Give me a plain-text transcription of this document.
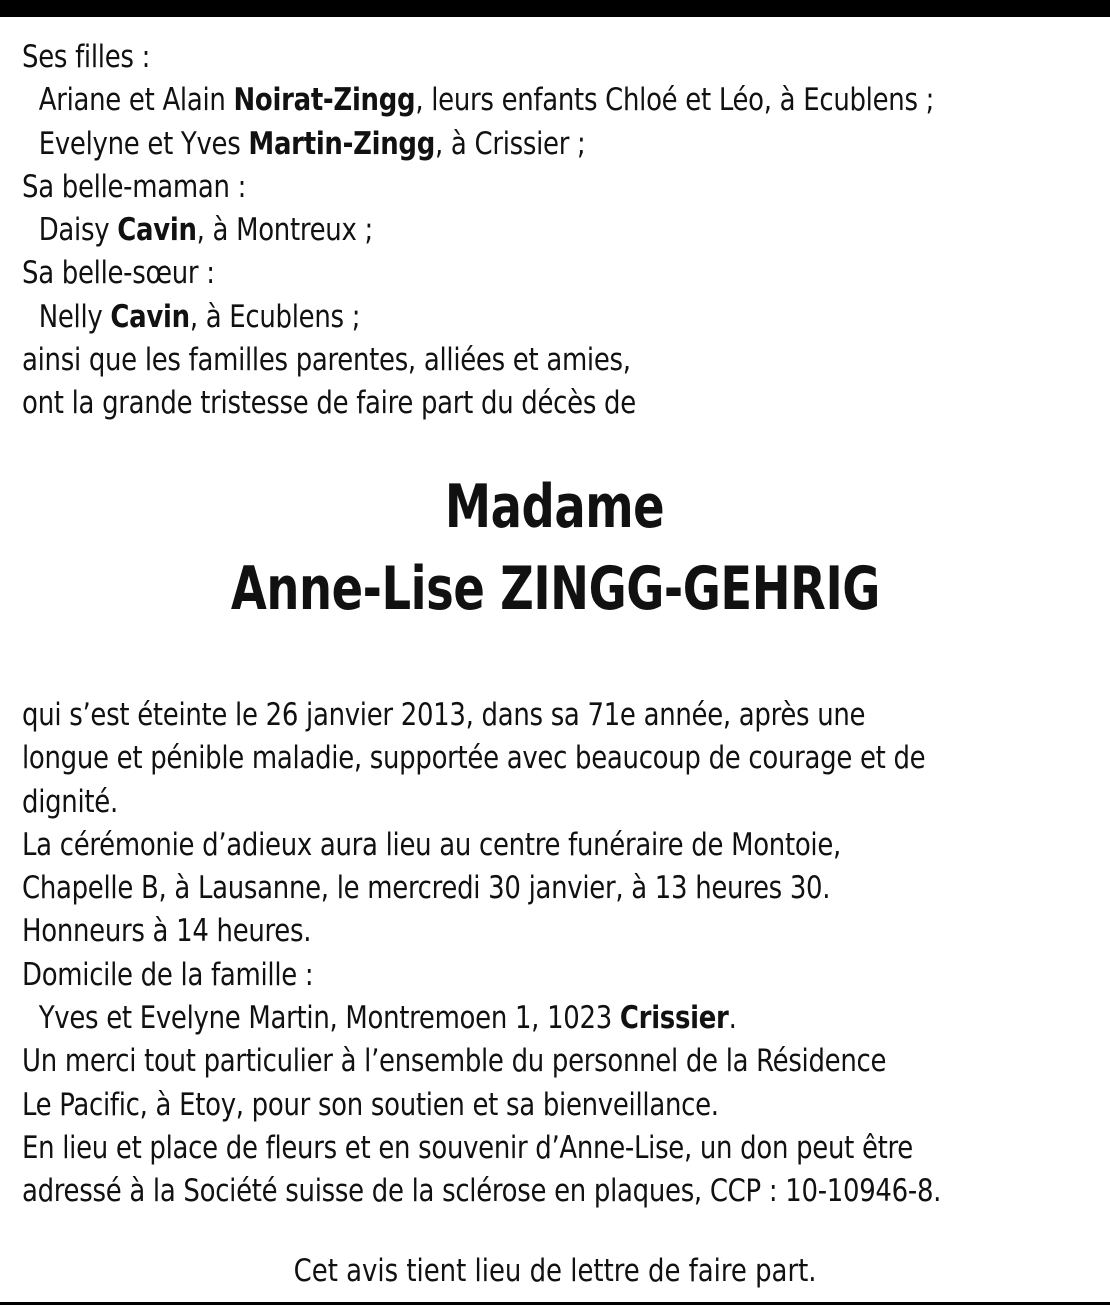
Ses filles :
Ariane et Alain Noirat-Zingg, leurs enfants Chloé et Léo, à Ecublens ;
Evelyne et Yves Martin-Zingg, à Crissier ;
Sa belle-maman :
Daisy Cavin, à Montreux ;
Sa belle-sœur :
Nelly Cavin, à Ecublens ;
ainsi que les familles parentes, alliées et amies,
ont la grande tristesse de faire part du décès de
Madame
Anne-Lise ZINGG-GEHRIG
qui s’est éteinte le 26 janvier 2013, dans sa 71e année, après une
longue et pénible maladie, supportée avec beaucoup de courage et de
dignité.
La cérémonie d’adieux aura lieu au centre funéraire de Montoie,
Chapelle B, à Lausanne, le mercredi 30 janvier, à 13 heures 30.
Honneurs à 14 heures.
Domicile de la famille :
Yves et Evelyne Martin, Montremoen 1, 1023 Crissier.
Un merci tout particulier à l’ensemble du personnel de la Résidence
Le Pacific, à Etoy, pour son soutien et sa bienveillance.
En lieu et place de fleurs et en souvenir d’Anne-Lise, un don peut être
adressé à la Société suisse de la sclérose en plaques, CCP : 10-10946-8.
Cet avis tient lieu de lettre de faire part.
